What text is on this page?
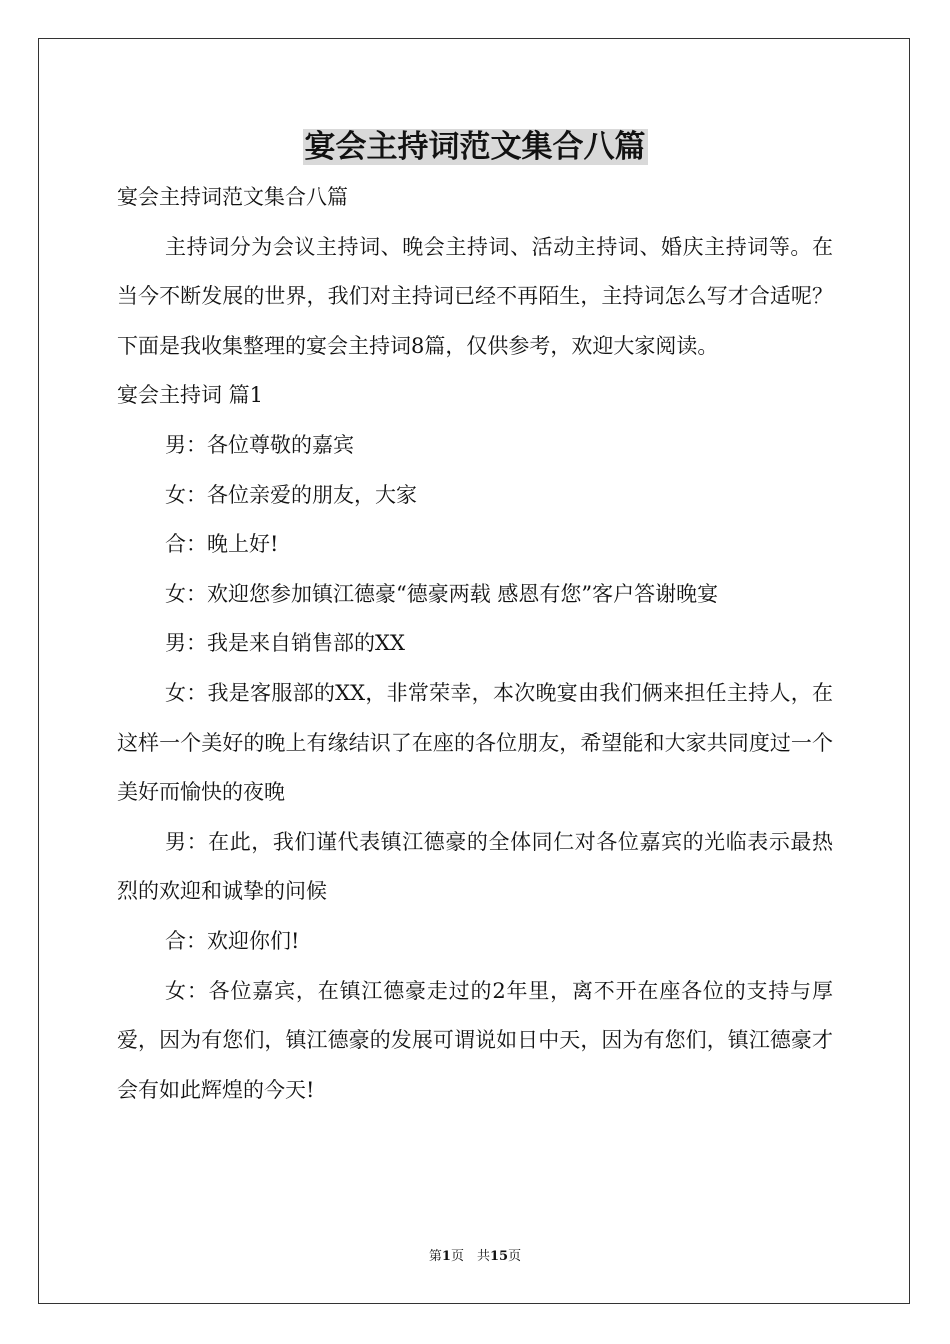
宴会主持词范文集合八篇

宴会主持词范文集合八篇

主持词分为会议主持词、晚会主持词、活动主持词、婚庆主持词等。在当今不断发展的世界，我们对主持词已经不再陌生，主持词怎么写才合适呢？下面是我收集整理的宴会主持词8篇，仅供参考，欢迎大家阅读。

宴会主持词 篇1

男：各位尊敬的嘉宾

女：各位亲爱的朋友，大家

合：晚上好!

女：欢迎您参加镇江德豪“德豪两载 感恩有您”客户答谢晚宴

男：我是来自销售部的XX

女：我是客服部的XX，非常荣幸，本次晚宴由我们俩来担任主持人，在这样一个美好的晚上有缘结识了在座的各位朋友，希望能和大家共同度过一个美好而愉快的夜晚

男：在此，我们谨代表镇江德豪的全体同仁对各位嘉宾的光临表示最热烈的欢迎和诚挚的问候

合：欢迎你们!

女：各位嘉宾，在镇江德豪走过的2年里，离不开在座各位的支持与厚爱，因为有您们，镇江德豪的发展可谓说如日中天，因为有您们，镇江德豪才会有如此辉煌的今天!

第1页　共15页
